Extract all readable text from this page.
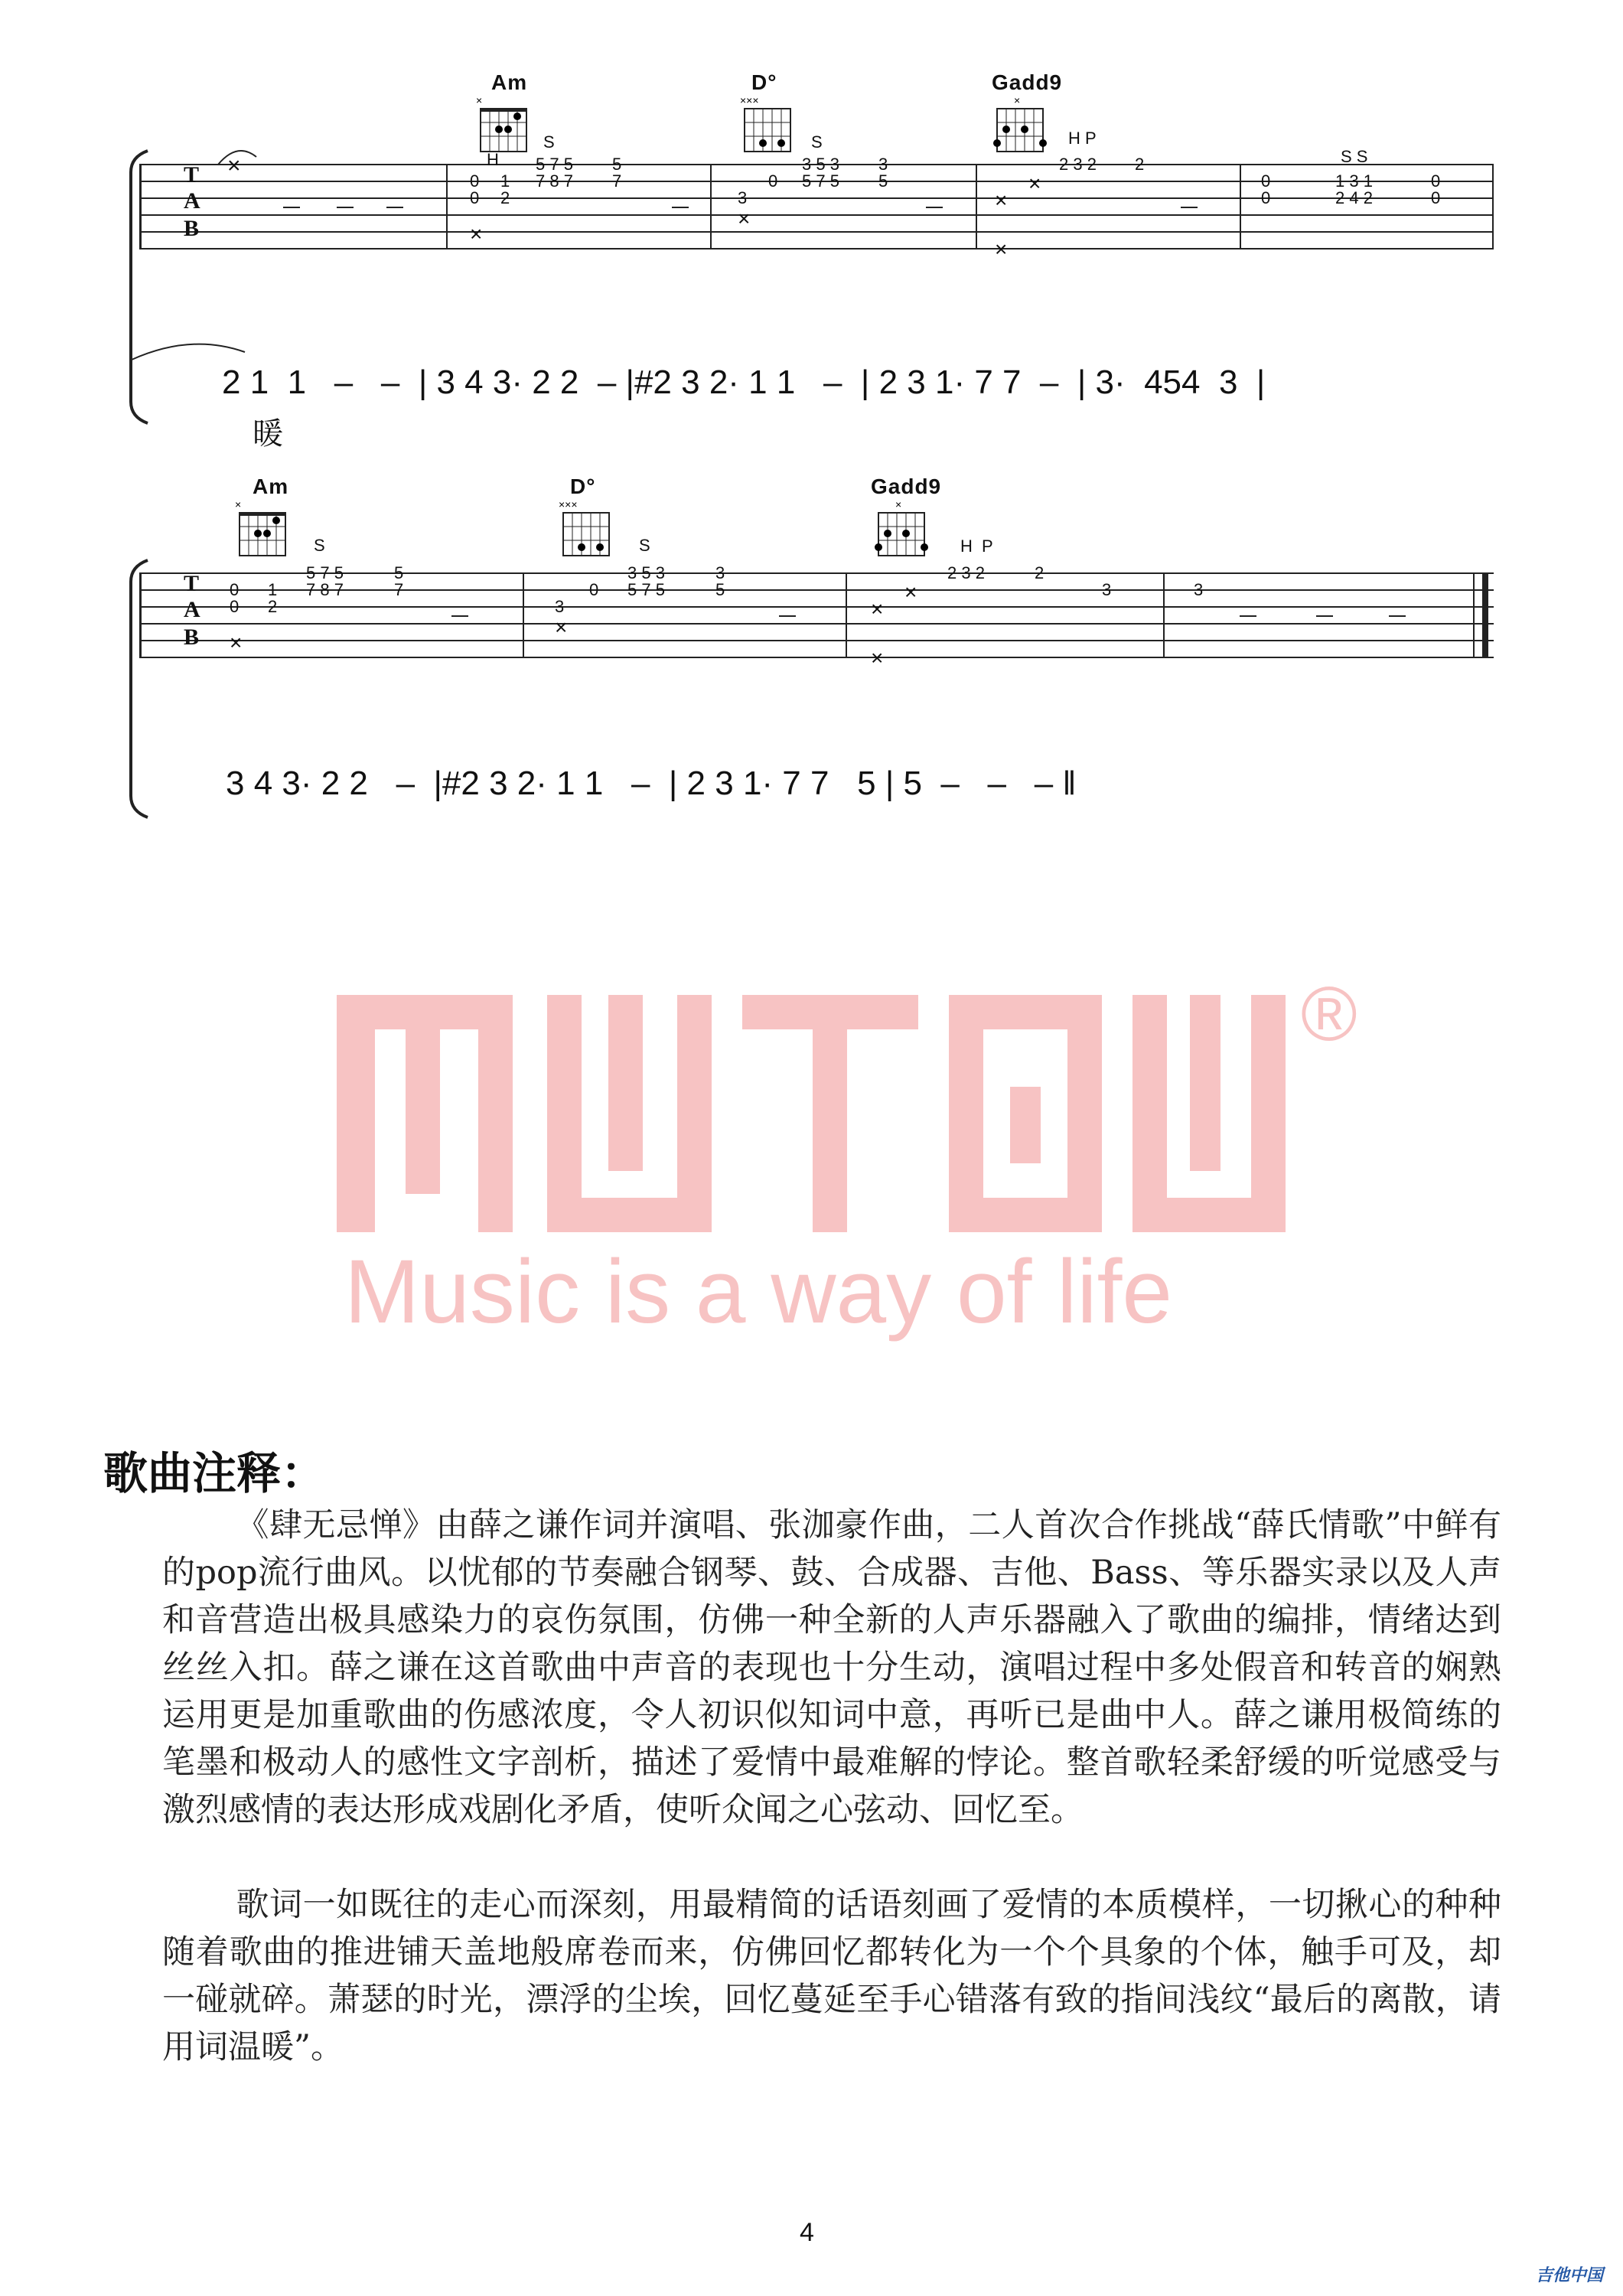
T
A
B
×
Am
×
H
0 1
0 2
×
S
5 7 5
7 8 7
5
7
D°
×××
3
×
0
S
3 5 3
5 7 5
3
5
Gadd9
×
×
×
×
H P
2 3 2 2
0
0
S S
1 3 1
2 4 2
0
0
2 1  1   –   –  | 3 4 3· 2 2  – |#2 3 2· 1 1   –  | 2 3 1· 7 7  –  | 3·  454  3  |
暖
T
A
B
Am
×
0 1
0 2
×
S
5 7 5
7 8 7
5
7
D°
×××
3
×
0
S
3 5 3
5 7 5
3
5
Gadd9
×
×
×
×
H P
2 3 2	2
3	3
3 4 3· 2 2   –  |#2 3 2· 1 1   –  | 2 3 1· 7 7   5 | 5  –   –   – ‖
®
Music is a way of life
歌曲注释：
《肆无忌惮》由薛之谦作词并演唱、张泇豪作曲，二人首次合作挑战“薛氏情歌”中鲜有的pop流行曲风。以忧郁的节奏融合钢琴、鼓、合成器、吉他、Bass、等乐器实录以及人声和音营造出极具感染力的哀伤氛围，仿佛一种全新的人声乐器融入了歌曲的编排，情绪达到丝丝入扣。薛之谦在这首歌曲中声音的表现也十分生动，演唱过程中多处假音和转音的娴熟运用更是加重歌曲的伤感浓度，令人初识似知词中意，再听已是曲中人。薛之谦用极简练的笔墨和极动人的感性文字剖析，描述了爱情中最难解的悖论。整首歌轻柔舒缓的听觉感受与激烈感情的表达形成戏剧化矛盾，使听众闻之心弦动、回忆至。
歌词一如既往的走心而深刻，用最精简的话语刻画了爱情的本质模样，一切揪心的种种随着歌曲的推进铺天盖地般席卷而来，仿佛回忆都转化为一个个具象的个体，触手可及，却一碰就碎。萧瑟的时光，漂浮的尘埃，回忆蔓延至手心错落有致的指间浅纹“最后的离散，请用词温暖”。
4
吉他中国
